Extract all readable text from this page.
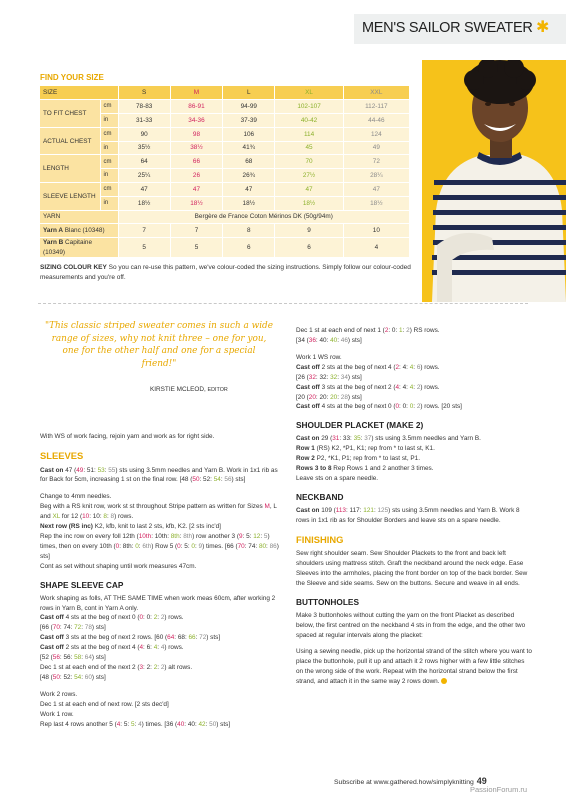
MEN'S SAILOR SWEATER ✱
FIND YOUR SIZE
SIZE		S	M	L	XL	XXL
TO FIT CHEST	cm	78-83	86-91	94-99	102-107	112-117
	in	31-33	34-36	37-39	40-42	44-46
ACTUAL CHEST	cm	90	98	106	114	124
	in	35½	38½	41¾	45	49
LENGTH	cm	64	66	68	70	72
	in	25¼	26	26¾	27½	28¼
SLEEVE LENGTH	cm	47	47	47	47	47
	in	18½	18½	18½	18½	18½
YARN		Bergère de France Coton Mérinos DK (50g/94m)				
Yarn A Blanc (10348)		7	7	8	9	10
Yarn B Capitaine (10349)		5	5	6	6	4
SIZING COLOUR KEY So you can re-use this pattern, we've colour-coded the sizing instructions. Simply follow our colour-coded measurements and you're off.
"This classic striped sweater comes in such a wide range of sizes, why not knit three – one for you, one for the other half and one for a special friend!"
KIRSTIE MCLEOD, EDITOR

With WS of work facing, rejoin yarn and work as for right side.

SLEEVES

Cast on 47 (49: 51: 53: 55) sts using 3.5mm needles and Yarn B. Work in 1x1 rib as for Back for 5cm, increasing 1 st on the final row. [48 (50: 52: 54: 56) sts]

Change to 4mm needles.
Beg with a RS knit row, work st st throughout Stripe pattern as written for Sizes M, L and XL for 12 (10: 10: 8: 8) rows.
Next row (RS inc) K2, kfb, knit to last 2 sts, kfb, K2. [2 sts inc'd]
Rep the inc row on every foll 12th (10th: 10th: 8th: 8th) row another 3 (9: 5: 12: 5) times, then on every 10th (0: 8th: 0: 6th) Row 5 (0: 5: 0: 9) times. [66 (70: 74: 80: 86) sts]
Cont as set without shaping until work measures 47cm.

SHAPE SLEEVE CAP

Work shaping as folls, AT THE SAME TIME when work meas 60cm, after working 2 rows in Yarn B, cont in Yarn A only.
Cast off 4 sts at the beg of next 0 (0: 0: 2: 2) rows.
[66 (70: 74: 72: 78) sts]
Cast off 3 sts at the beg of next 2 rows. [60 (64: 68: 66: 72) sts]
Cast off 2 sts at the beg of next 4 (4: 6: 4: 4) rows.
[52 (56: 56: 58: 64) sts]
Dec 1 st at each end of the next 2 (3: 2: 2: 2) alt rows.
[48 (50: 52: 54: 60) sts]

Work 2 rows.
Dec 1 st at each end of next row. [2 sts dec'd]
Work 1 row.
Rep last 4 rows another 5 (4: 5: 5: 4) times. [36 (40: 40: 42: 50) sts]

Dec 1 st at each end of next 1 (2: 0: 1: 2) RS rows.
[34 (36: 40: 40: 46) sts]

Work 1 WS row.
Cast off 2 sts at the beg of next 4 (2: 4: 4: 6) rows.
[26 (32: 32: 32: 34) sts]
Cast off 3 sts at the beg of next 2 (4: 4: 4: 2) rows.
[20 (20: 20: 20: 28) sts]
Cast off 4 sts at the beg of next 0 (0: 0: 0: 2) rows. [20 sts]

SHOULDER PLACKET (MAKE 2)

Cast on 29 (31: 33: 35: 37) sts using 3.5mm needles and Yarn B.
Row 1 (RS) K2, *P1, K1; rep from * to last st, K1.
Row 2 P2, *K1, P1; rep from * to last st, P1.
Rows 3 to 8 Rep Rows 1 and 2 another 3 times.
Leave sts on a spare needle.

NECKBAND

Cast on 109 (113: 117: 121: 125) sts using 3.5mm needles and Yarn B. Work 8 rows in 1x1 rib as for Shoulder Borders and leave sts on a spare needle.

FINISHING

Sew right shoulder seam. Sew Shoulder Plackets to the front and back left shoulders using mattress stitch. Graft the neckband around the neck edge. Ease Sleeves into the armholes, placing the front border on top of the back border. Sew the Sleeve and side seams. Sew on the buttons. Secure and weave in all ends.

BUTTONHOLES

Make 3 buttonholes without cutting the yarn on the front Placket as described below, the first centred on the neckband 4 sts in from the edge, and the other two spaced at regular intervals along the placket:

Using a sewing needle, pick up the horizontal strand of the stitch where you want to place the buttonhole, pull it up and attach it 2 rows higher with a few little stitches on the wrong side of the work. Repeat with the horizontal strand below the first strand, and attach it in the same way 2 rows down.

Subscribe at www.gathered.how/simplyknitting 49
PassionForum.ru
